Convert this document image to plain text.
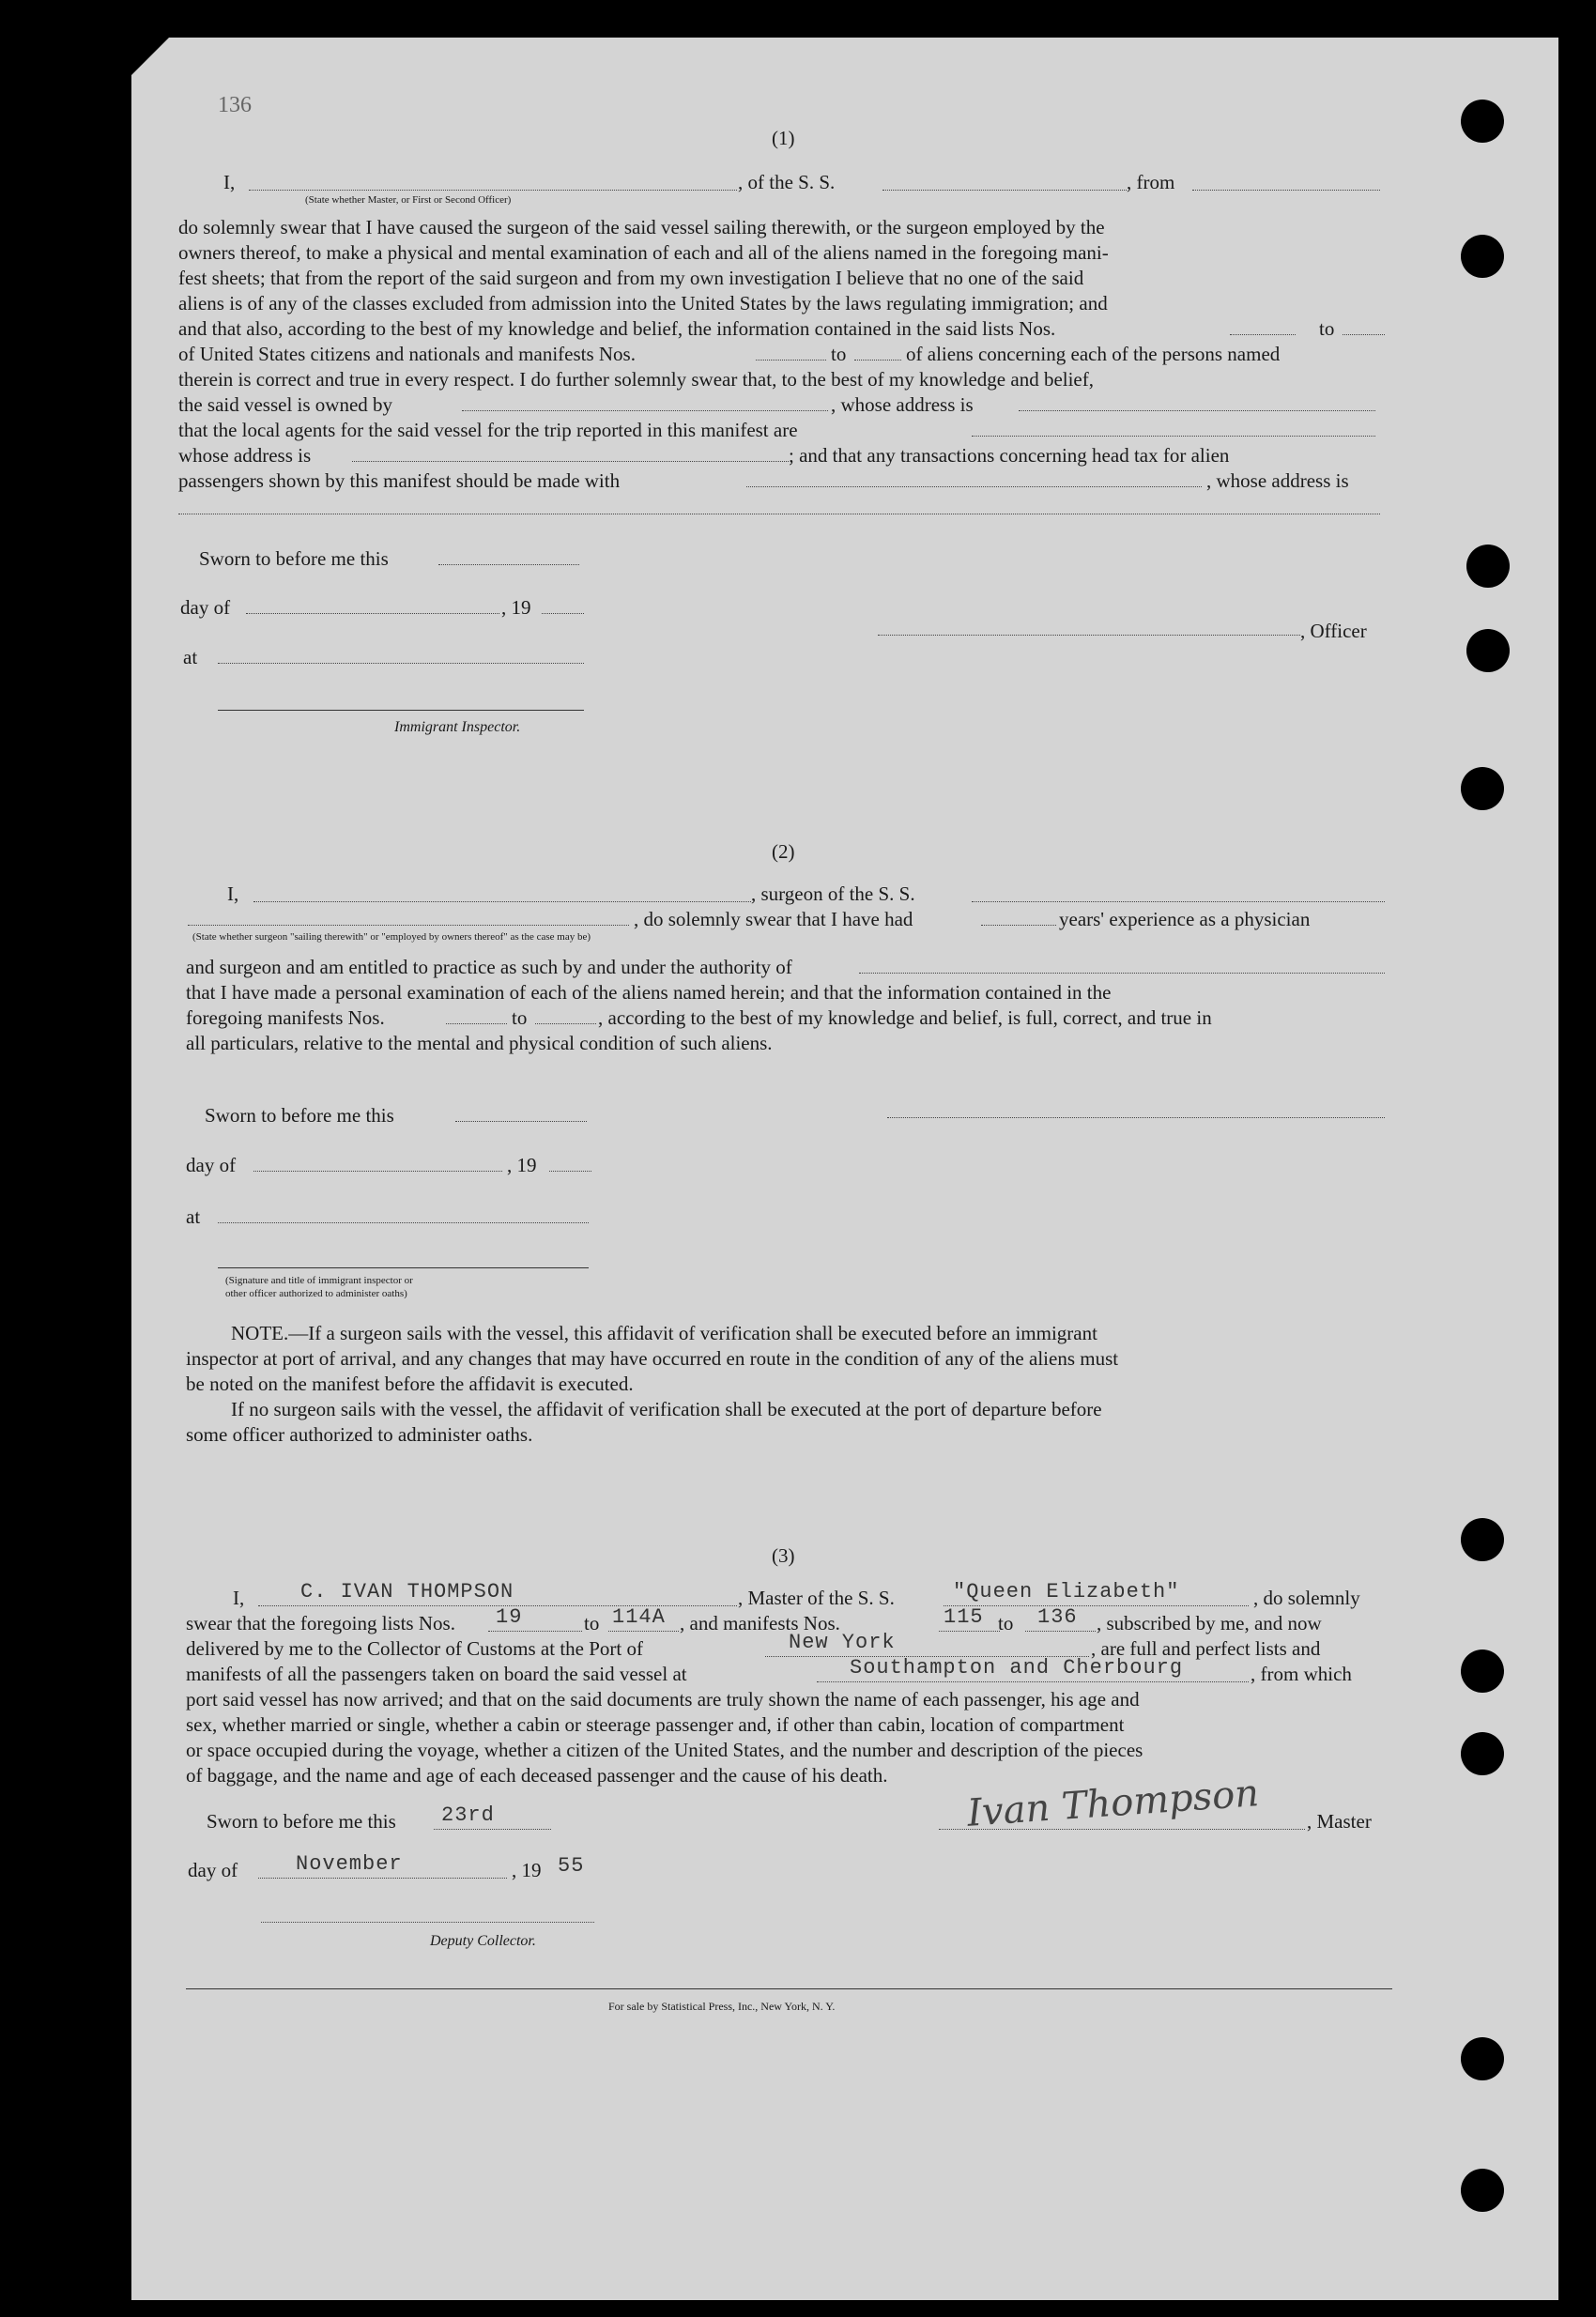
136
(1)
I,
(State whether Master, or First or Second Officer)
, of the S. S.	, from
do solemnly swear that I have caused the surgeon of the said vessel sailing therewith, or the surgeon employed by the
owners thereof, to make a physical and mental examination of each and all of the aliens named in the foregoing mani-
fest sheets; that from the report of the said surgeon and from my own investigation I believe that no one of the said
aliens is of any of the classes excluded from admission into the United States by the laws regulating immigration; and
and that also, according to the best of my knowledge and belief, the information contained in the said lists Nos.	to
of United States citizens and nationals and manifests Nos.	to	of aliens concerning each of the persons named
therein is correct and true in every respect. I do further solemnly swear that, to the best of my knowledge and belief,
the said vessel is owned by	, whose address is
that the local agents for the said vessel for the trip reported in this manifest are
whose address is	; and that any transactions concerning head tax for alien
passengers shown by this manifest should be made with	, whose address is
Sworn to before me this
day of	, 19
at
, Officer
Immigrant Inspector.
(2)
I,	, surgeon of the S. S.
, do solemnly swear that I have had	years' experience as a physician
(State whether surgeon "sailing therewith" or "employed by owners thereof" as the case may be)
and surgeon and am entitled to practice as such by and under the authority of
that I have made a personal examination of each of the aliens named herein; and that the information contained in the
foregoing manifests Nos.	to	, according to the best of my knowledge and belief, is full, correct, and true in
all particulars, relative to the mental and physical condition of such aliens.
Sworn to before me this
day of	, 19
at
(Signature and title of immigrant inspector or
other officer authorized to administer oaths)
NOTE.—If a surgeon sails with the vessel, this affidavit of verification shall be executed before an immigrant
inspector at port of arrival, and any changes that may have occurred en route in the condition of any of the aliens must
be noted on the manifest before the affidavit is executed.
If no surgeon sails with the vessel, the affidavit of verification shall be executed at the port of departure before
some officer authorized to administer oaths.
(3)
I,	C. IVAN THOMPSON	, Master of the S. S.	"Queen Elizabeth"	, do solemnly
swear that the foregoing lists Nos. 19	to 114A , and manifests Nos.	115 to 136 , subscribed by me, and now
delivered by me to the Collector of Customs at the Port of	New York	, are full and perfect lists and
manifests of all the passengers taken on board the said vessel at	Southampton and Cherbourg	, from which
port said vessel has now arrived; and that on the said documents are truly shown the name of each passenger, his age and
sex, whether married or single, whether a cabin or steerage passenger and, if other than cabin, location of compartment
or space occupied during the voyage, whether a citizen of the United States, and the number and description of the pieces
of baggage, and the name and age of each deceased passenger and the cause of his death.
Sworn to before me this 23rd	Ivan Thompson , Master
day of	November	, 19 55
Deputy Collector.
For sale by Statistical Press, Inc., New York, N. Y.
